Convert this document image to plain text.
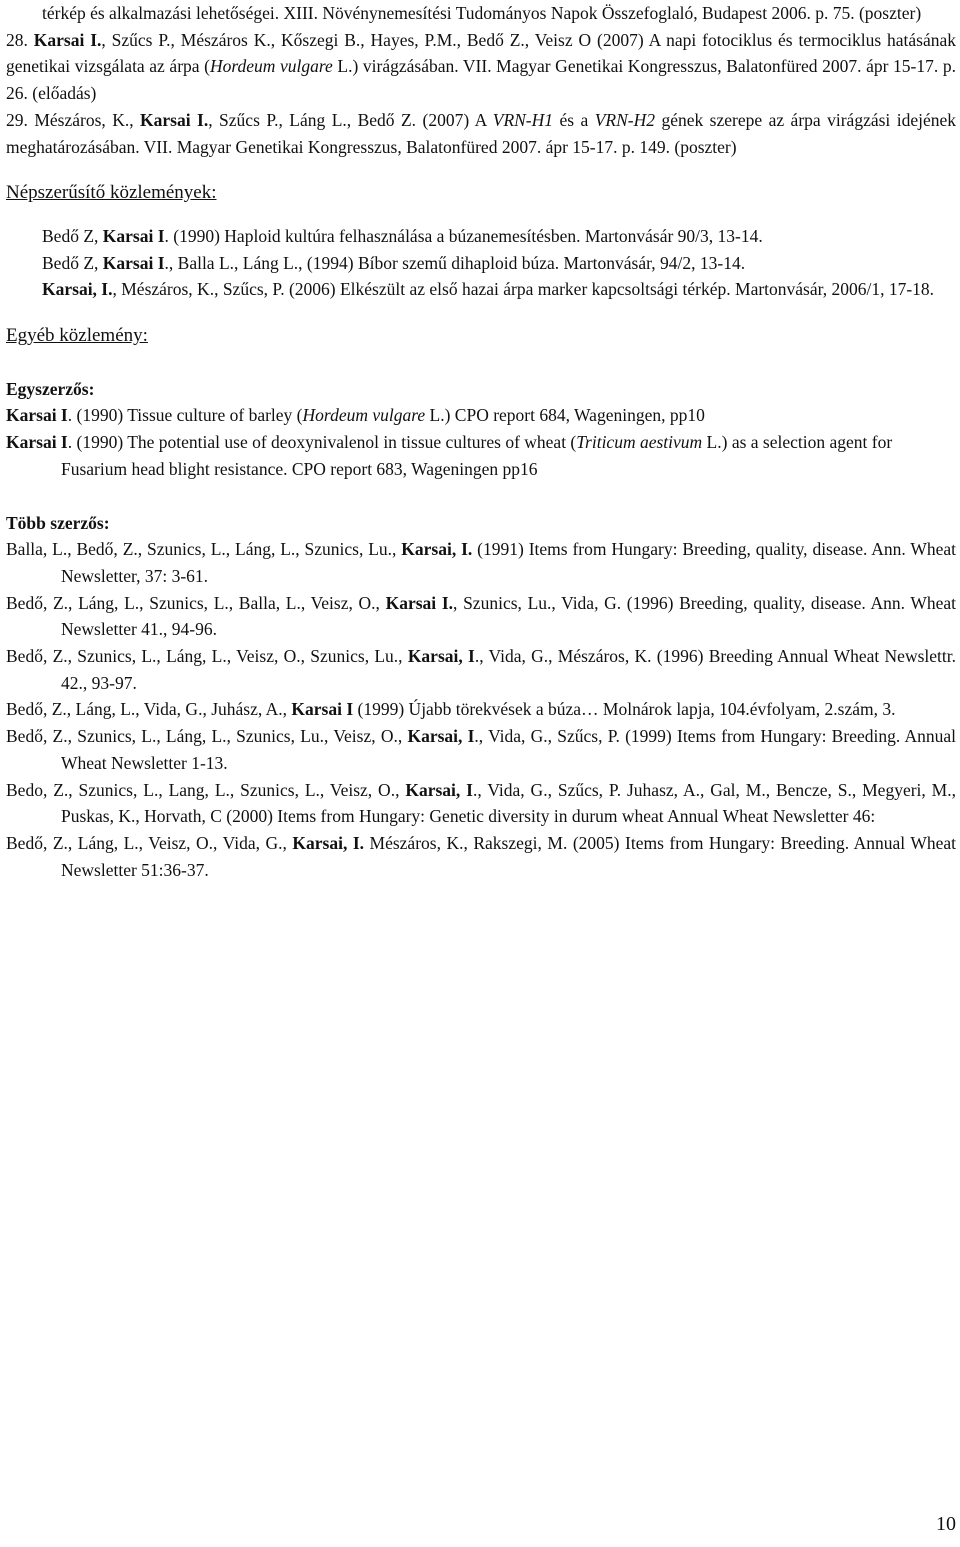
térkép és alkalmazási lehetőségei. XIII. Növénynemesítési Tudományos Napok Összefoglaló, Budapest 2006. p. 75. (poszter)

28. Karsai I., Szűcs P., Mészáros K., Kőszegi B., Hayes, P.M., Bedő Z., Veisz O (2007) A napi fotociklus és termociklus hatásának genetikai vizsgálata az árpa (Hordeum vulgare L.) virágzásában. VII. Magyar Genetikai Kongresszus, Balatonfüred 2007. ápr 15-17. p. 26. (előadás)

29. Mészáros, K., Karsai I., Szűcs P., Láng L., Bedő Z. (2007) A VRN-H1 és a VRN-H2 gének szerepe az árpa virágzási idejének meghatározásában. VII. Magyar Genetikai Kongresszus, Balatonfüred 2007. ápr 15-17. p. 149. (poszter)

Népszerűsítő közlemények:

Bedő Z, Karsai I. (1990) Haploid kultúra felhasználása a búzanemesítésben. Martonvásár 90/3, 13-14.

Bedő Z, Karsai I., Balla L., Láng L., (1994) Bíbor szemű dihaploid búza. Martonvásár, 94/2, 13-14.

Karsai, I., Mészáros, K., Szűcs, P. (2006) Elkészült az első hazai árpa marker kapcsoltsági térkép. Martonvásár, 2006/1, 17-18.

Egyéb közlemény:

Egyszerzős:

Karsai I. (1990) Tissue culture of barley (Hordeum vulgare L.) CPO report 684, Wageningen, pp10

Karsai I. (1990) The potential use of deoxynivalenol in tissue cultures of wheat (Triticum aestivum L.) as a selection agent for Fusarium head blight resistance. CPO report 683, Wageningen pp16

Több szerzős:

Balla, L., Bedő, Z., Szunics, L., Láng, L., Szunics, Lu., Karsai, I. (1991) Items from Hungary: Breeding, quality, disease. Ann. Wheat Newsletter, 37: 3-61.

Bedő, Z., Láng, L., Szunics, L., Balla, L., Veisz, O., Karsai I., Szunics, Lu., Vida, G. (1996) Breeding, quality, disease. Ann. Wheat Newsletter 41., 94-96.

Bedő, Z., Szunics, L., Láng, L., Veisz, O., Szunics, Lu., Karsai, I., Vida, G., Mészáros, K. (1996) Breeding Annual Wheat Newslettr. 42., 93-97.

Bedő, Z., Láng, L., Vida, G., Juhász, A., Karsai I (1999) Újabb törekvések a búza… Molnárok lapja, 104.évfolyam, 2.szám, 3.

Bedő, Z., Szunics, L., Láng, L., Szunics, Lu., Veisz, O., Karsai, I., Vida, G., Szűcs, P. (1999) Items from Hungary: Breeding. Annual Wheat Newsletter 1-13.

Bedo, Z., Szunics, L., Lang, L., Szunics, L., Veisz, O., Karsai, I., Vida, G., Szűcs, P. Juhasz, A., Gal, M., Bencze, S., Megyeri, M., Puskas, K., Horvath, C (2000) Items from Hungary: Genetic diversity in durum wheat Annual Wheat Newsletter 46:

Bedő, Z., Láng, L., Veisz, O., Vida, G., Karsai, I. Mészáros, K., Rakszegi, M. (2005) Items from Hungary: Breeding. Annual Wheat Newsletter 51:36-37.

10
